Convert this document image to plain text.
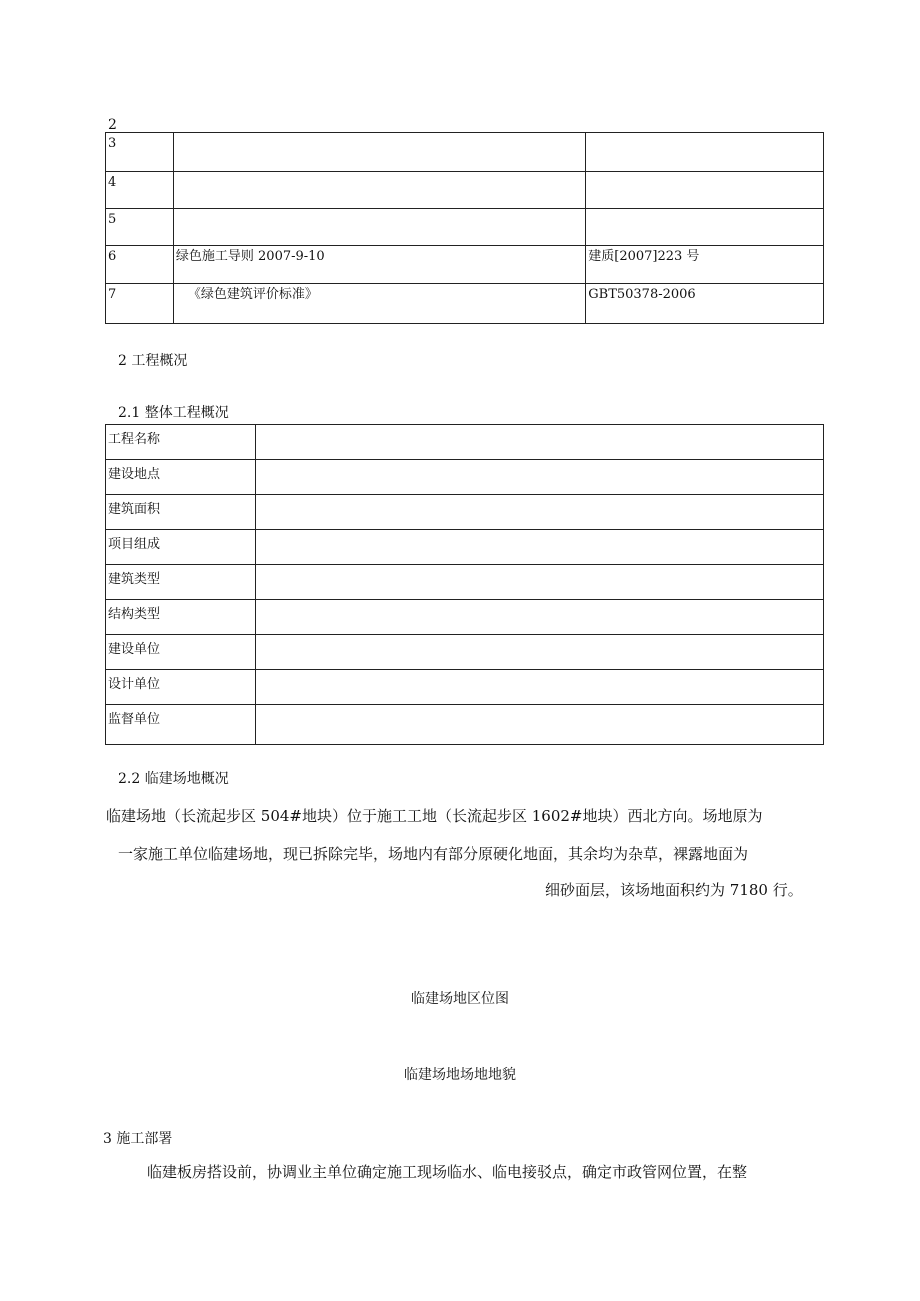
2
3		
4		
5		
6	绿色施工导则 2007-9-10	建质[2007]223 号
7	《绿色建筑评价标准》	GBT50378-2006
2 工程概况
2.1 整体工程概况
工程名称	
建设地点	
建筑面积	
项目组成	
建筑类型	
结构类型	
建设单位	
设计单位	
监督单位	
2.2 临建场地概况
临建场地（长流起步区 504#地块）位于施工工地（长流起步区 1602#地块）西北方向。场地原为
一家施工单位临建场地，现已拆除完毕，场地内有部分原硬化地面，其余均为杂草，裸露地面为
细砂面层，该场地面积约为 7180 行。
临建场地区位图
临建场地场地地貌
3 施工部署
临建板房搭设前，协调业主单位确定施工现场临水、临电接驳点，确定市政管网位置，在整
